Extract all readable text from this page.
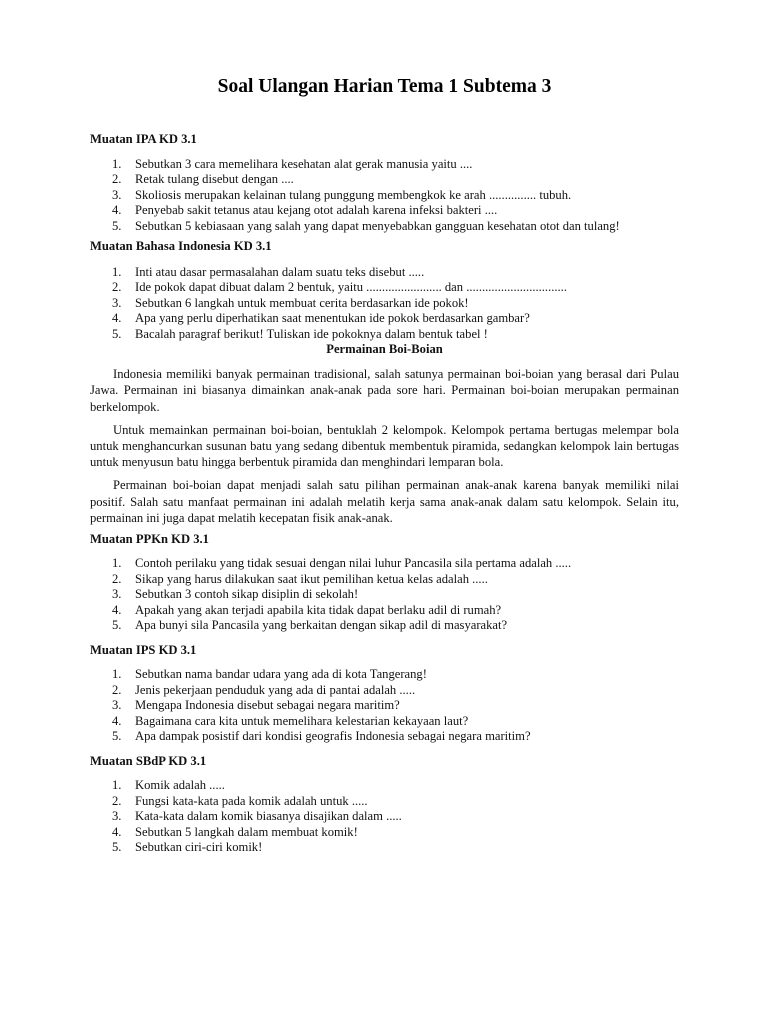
Soal Ulangan Harian Tema 1 Subtema 3
Muatan IPA KD 3.1
1. Sebutkan 3 cara memelihara kesehatan alat gerak manusia yaitu ....
2. Retak tulang disebut dengan ....
3. Skoliosis merupakan kelainan tulang punggung membengkok ke arah ............... tubuh.
4. Penyebab sakit tetanus atau kejang otot adalah karena infeksi bakteri ....
5. Sebutkan 5 kebiasaan yang salah yang dapat menyebabkan gangguan kesehatan otot dan tulang!
Muatan Bahasa Indonesia KD 3.1
1. Inti atau dasar permasalahan dalam suatu teks disebut .....
2. Ide pokok dapat dibuat dalam 2 bentuk, yaitu ........................ dan ................................
3. Sebutkan 6 langkah untuk membuat cerita berdasarkan ide pokok!
4. Apa yang perlu diperhatikan saat menentukan ide pokok berdasarkan gambar?
5. Bacalah paragraf berikut! Tuliskan ide pokoknya dalam bentuk tabel !

Permainan Boi-Boian

Indonesia memiliki banyak permainan tradisional, salah satunya permainan boi-boian yang berasal dari Pulau Jawa. Permainan ini biasanya dimainkan anak-anak pada sore hari. Permainan boi-boian merupakan permainan berkelompok.

Untuk memainkan permainan boi-boian, bentuklah 2 kelompok. Kelompok pertama bertugas melempar bola untuk menghancurkan susunan batu yang sedang dibentuk membentuk piramida, sedangkan kelompok lain bertugas untuk menyusun batu hingga berbentuk piramida dan menghindari lemparan bola.

Permainan boi-boian dapat menjadi salah satu pilihan permainan anak-anak karena banyak memiliki nilai positif. Salah satu manfaat permainan ini adalah melatih kerja sama anak-anak dalam satu kelompok. Selain itu, permainan ini juga dapat melatih kecepatan fisik anak-anak.

Muatan PPKn KD 3.1
1. Contoh perilaku yang tidak sesuai dengan nilai luhur Pancasila sila pertama adalah .....
2. Sikap yang harus dilakukan saat ikut pemilihan ketua kelas adalah .....
3. Sebutkan 3 contoh sikap disiplin di sekolah!
4. Apakah yang akan terjadi apabila kita tidak dapat berlaku adil di rumah?
5. Apa bunyi sila Pancasila yang berkaitan dengan sikap adil di masyarakat?
Muatan IPS KD 3.1
1. Sebutkan nama bandar udara yang ada di kota Tangerang!
2. Jenis pekerjaan penduduk yang ada di pantai adalah .....
3. Mengapa Indonesia disebut sebagai negara maritim?
4. Bagaimana cara kita untuk memelihara kelestarian kekayaan laut?
5. Apa dampak posistif dari kondisi geografis Indonesia sebagai negara maritim?
Muatan SBdP KD 3.1
1. Komik adalah .....
2. Fungsi kata-kata pada komik adalah untuk .....
3. Kata-kata dalam komik biasanya disajikan dalam .....
4. Sebutkan 5 langkah dalam membuat komik!
5. Sebutkan ciri-ciri komik!
